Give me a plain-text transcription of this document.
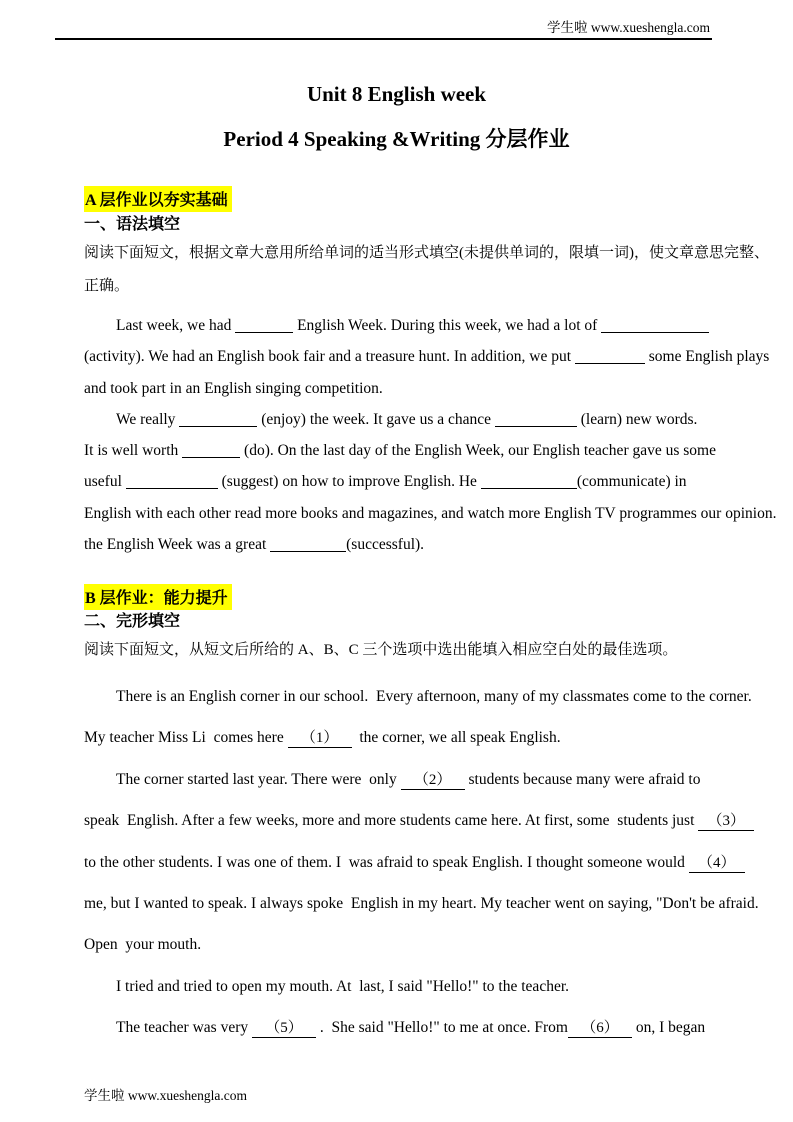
学生啦 www.xueshengla.com
Unit 8 English week
Period 4 Speaking &Writing 分层作业
A 层作业以夯实基础
一、语法填空
阅读下面短文，根据文章大意用所给单词的适当形式填空(未提供单词的，限填一词)，使文章意思完整、
正确。
Last week, we had	English Week. During this week, we had a lot of
(activity). We had an English book fair and a treasure hunt. In addition, we put	some English plays
and took part in an English singing competition.
We really	(enjoy) the week. It gave us a chance	(learn) new words.
It is well worth	(do). On the last day of the English Week, our English teacher gave us some
useful	(suggest) on how to improve English. He	(communicate) in
English with each other read more books and magazines, and watch more English TV programmes our opinion.
the English Week was a great	(successful).
B 层作业：能力提升
二、完形填空
阅读下面短文，从短文后所给的 A、B、C 三个选项中选出能填入相应空白处的最佳选项。
There is an English corner in our school.  Every afternoon, many of my classmates come to the corner.
My teacher Miss Li  comes here （1）  the corner, we all speak English.
The corner started last year. There were  only （2） students because many were afraid to
speak  English. After a few weeks, more and more students came here. At first, some  students just （3）
to the other students. I was one of them. I  was afraid to speak English. I thought someone would （4）
me, but I wanted to speak. I always spoke  English in my heart. My teacher went on saying, "Don't be afraid.
Open  your mouth.
I tried and tried to open my mouth. At  last, I said "Hello!" to the teacher.
The teacher was very （5） .  She said "Hello!" to me at once. From （6） on, I began
学生啦 www.xueshengla.com
